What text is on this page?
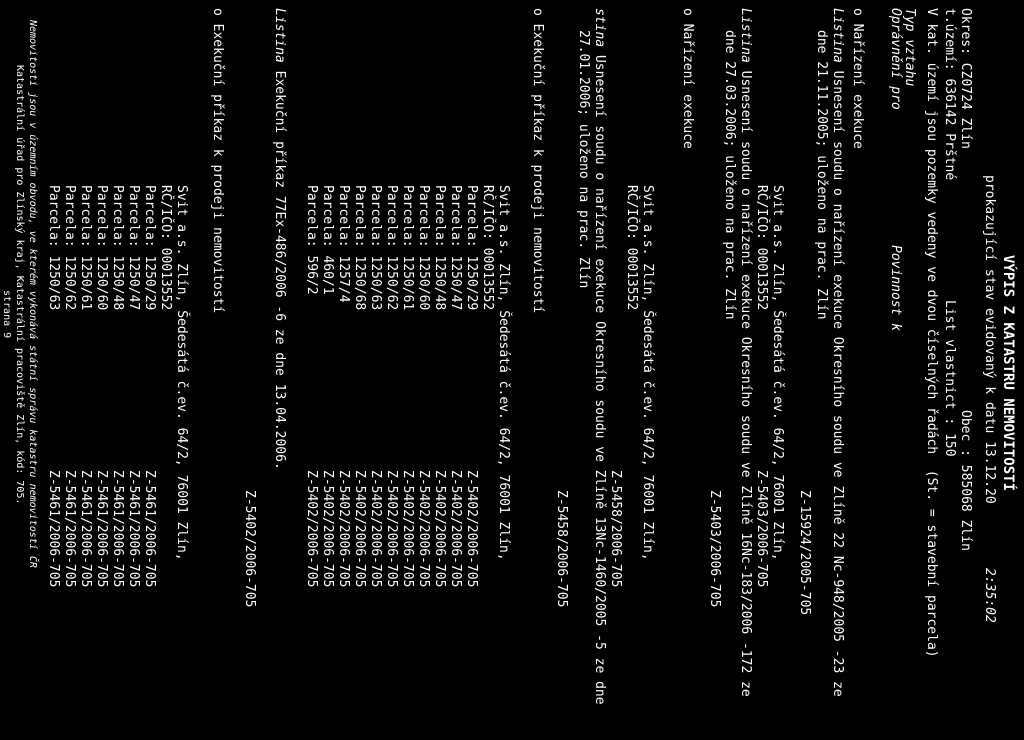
VÝPIS Z KATASTRU NEMOVITOSTÍ
prokazující stav evidovaný k datu 13.12.20
2:35:02
Okres: CZ0724 Zlín
Obec : 585068 Zlín
t.území: 636142 Prštné
List vlastnict : 150
V kat. území jsou pozemky vedeny ve dvou číselných řadách  (St. = stavební parcela)
Typ vztahu
Oprávnění pro
Povinnost k
o Nařízení exekuce
Listina Usnesení soudu o nařízení exekuce Okresního soudu ve Zlíně 22 Nc-948/2005 -23 ze
dne 21.11.2005; uloženo na prac. Zlín
Z-15924/2005-705
Svit a.s. Zlín, Šedesátá č.ev. 64/2, 76001 Zlín,
RČ/IČO: 00013552
Z-5403/2006-705
Listina Usnesení soudu o nařízení exekuce Okresního soudu ve Zlíně 16Nc-183/2006 -172 ze
dne 27.03.2006; uloženo na prac. Zlín
Z-5403/2006-705
o Nařízení exekuce
Svit a.s. Zlín, Šedesátá č.ev. 64/2, 76001 Zlín,
RČ/IČO: 00013552
Z-5458/2006-705
stina Usnesení soudu o nařízení exekuce Okresního soudu ve Zlíně 13Nc-1460/2005 -5 ze dne
27.01.2006; uloženo na prac. Zlín
Z-5458/2006-705
o Exekuční příkaz k prodeji nemovitostí
Svit a.s. Zlín, Šedesátá č.ev. 64/2, 76001 Zlín,
RČ/IČO: 00013552
Parcela: 1250/29
Z-5402/2006-705
Parcela: 1250/47
Z-5402/2006-705
Parcela: 1250/48
Z-5402/2006-705
Parcela: 1250/60
Z-5402/2006-705
Parcela: 1250/61
Z-5402/2006-705
Parcela: 1250/62
Z-5402/2006-705
Parcela: 1250/63
Z-5402/2006-705
Parcela: 1250/68
Z-5402/2006-705
Parcela: 1257/4
Z-5402/2006-705
Parcela: 460/1
Z-5402/2006-705
Parcela: 596/2
Z-5402/2006-705
Listina Exekuční příkaz 77Ex-486/2006 -6 ze dne 13.04.2006.
Z-5402/2006-705
o Exekuční příkaz k prodeji nemovitostí
Svit a.s. Zlín, Šedesátá č.ev. 64/2, 76001 Zlín,
RČ/IČO: 00013552
Parcela: 1250/29
Z-5461/2006-705
Parcela: 1250/47
Z-5461/2006-705
Parcela: 1250/48
Z-5461/2006-705
Parcela: 1250/60
Z-5461/2006-705
Parcela: 1250/61
Z-5461/2006-705
Parcela: 1250/62
Z-5461/2006-705
Parcela: 1250/63
Z-5461/2006-705
Nemovitosti jsou v územním obvodu, ve kterém vykonává státní správu katastru nemovitostí ČR
Katastrální úřad pro Zlínský kraj, Katastrální pracoviště Zlín, kód: 705.
strana 9
